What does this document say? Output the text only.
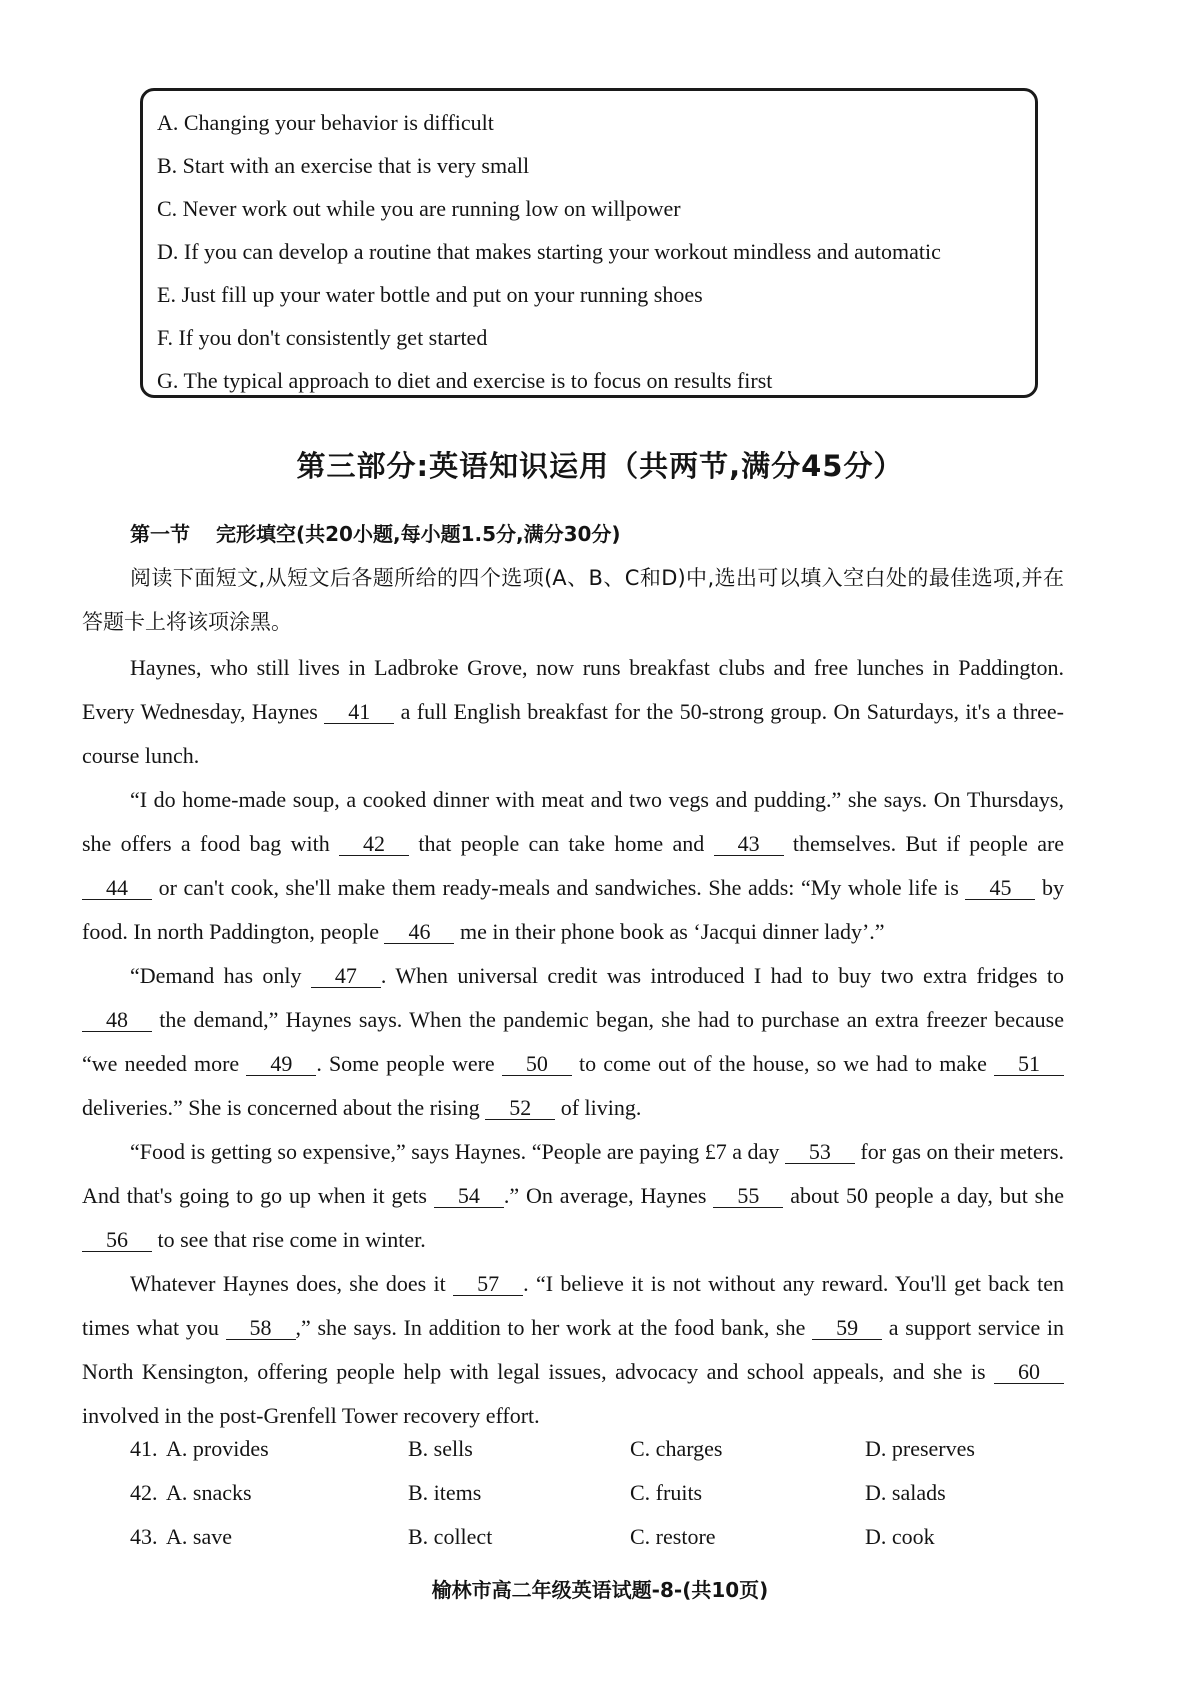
A. Changing your behavior is difficult
B. Start with an exercise that is very small
C. Never work out while you are running low on willpower
D. If you can develop a routine that makes starting your workout mindless and automatic
E. Just fill up your water bottle and put on your running shoes
F. If you don't consistently get started
G. The typical approach to diet and exercise is to focus on results first
第三部分:英语知识运用（共两节,满分45分）
第一节 完形填空(共20小题,每小题1.5分,满分30分)
阅读下面短文,从短文后各题所给的四个选项(A、B、C和D)中,选出可以填入空白处的最佳选项,并在答题卡上将该项涂黑。

Haynes, who still lives in Ladbroke Grove, now runs breakfast clubs and free lunches in Paddington. Every Wednesday, Haynes 41 a full English breakfast for the 50-strong group. On Saturdays, it's a three-course lunch.

“I do home-made soup, a cooked dinner with meat and two vegs and pudding.” she says. On Thursdays, she offers a food bag with 42 that people can take home and 43 themselves. But if people are 44 or can't cook, she'll make them ready-meals and sandwiches. She adds: “My whole life is 45 by food. In north Paddington, people 46 me in their phone book as ‘Jacqui dinner lady’.”

“Demand has only 47 . When universal credit was introduced I had to buy two extra fridges to 48 the demand,” Haynes says. When the pandemic began, she had to purchase an extra freezer because “we needed more 49 . Some people were 50 to come out of the house, so we had to make 51 deliveries.” She is concerned about the rising 52 of living.

“Food is getting so expensive,” says Haynes. “People are paying £7 a day 53 for gas on their meters. And that's going to go up when it gets 54 .” On average, Haynes 55 about 50 people a day, but she 56 to see that rise come in winter.

Whatever Haynes does, she does it 57 . “I believe it is not without any reward. You'll get back ten times what you 58 ,” she says. In addition to her work at the food bank, she 59 a support service in North Kensington, offering people help with legal issues, advocacy and school appeals, and she is 60 involved in the post-Grenfell Tower recovery effort.

41. A. provides	B. sells	C. charges	D. preserves
42. A. snacks	B. items	C. fruits	D. salads
43. A. save	B. collect	C. restore	D. cook
榆林市高二年级英语试题-8-(共10页)
